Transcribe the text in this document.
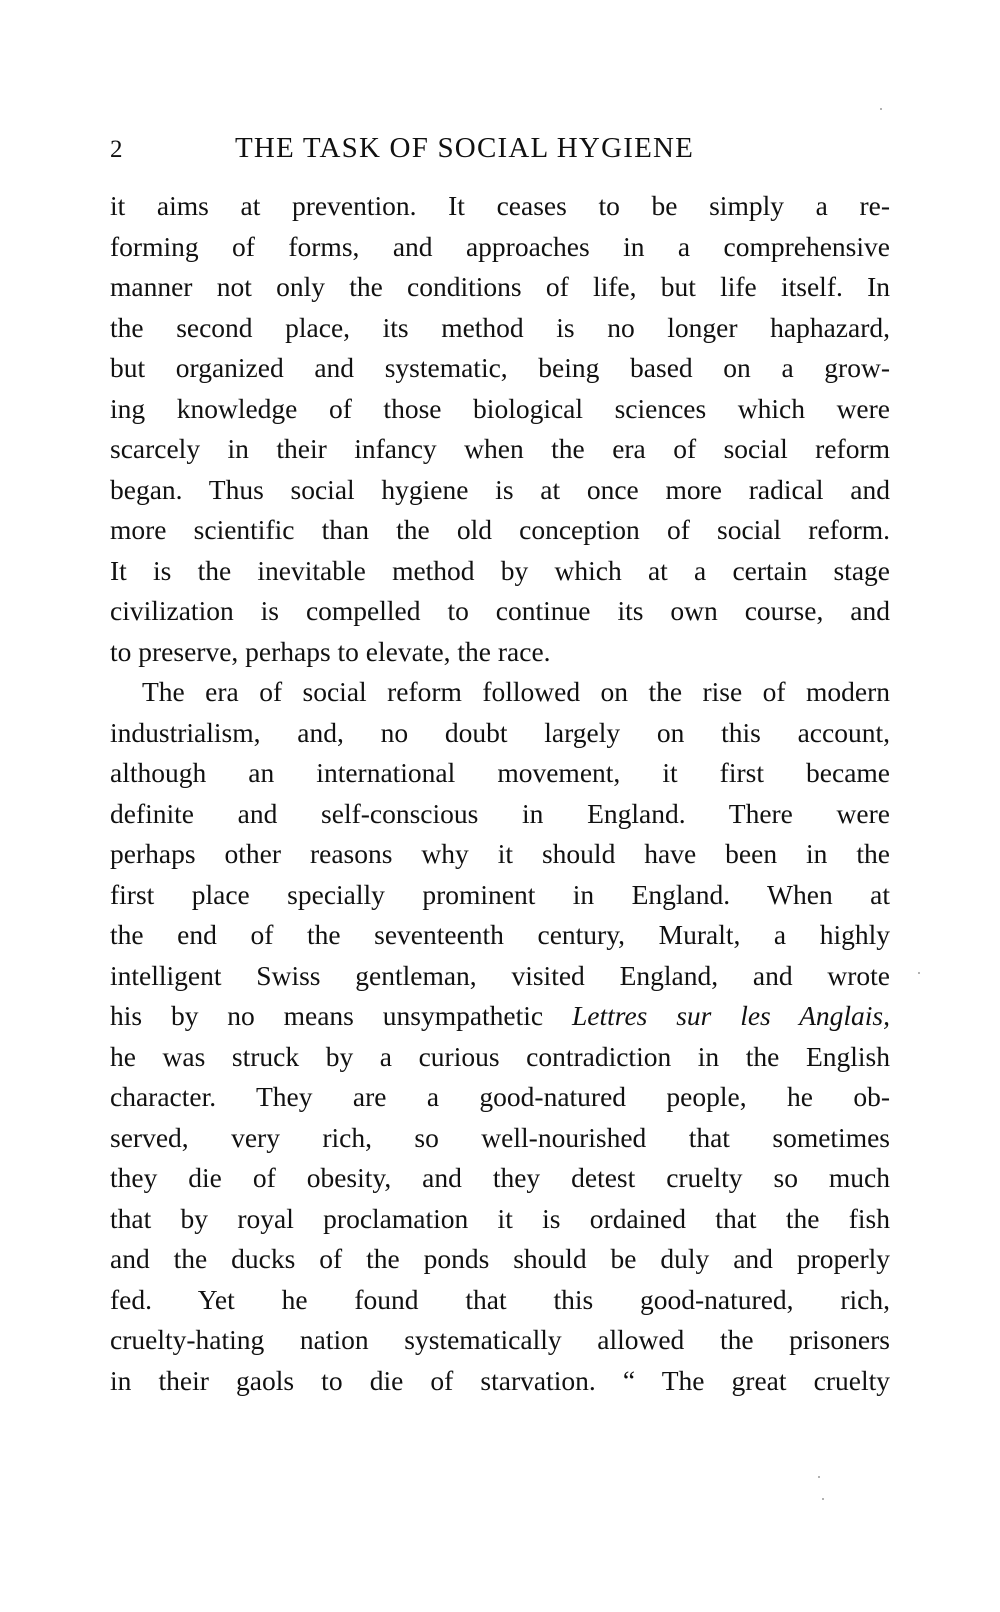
2	THE TASK OF SOCIAL HYGIENE
it aims at prevention. It ceases to be simply a re-
forming of forms, and approaches in a comprehensive
manner not only the conditions of life, but life itself. In
the second place, its method is no longer haphazard,
but organized and systematic, being based on a grow-
ing knowledge of those biological sciences which were
scarcely in their infancy when the era of social reform
began. Thus social hygiene is at once more radical and
more scientific than the old conception of social reform.
It is the inevitable method by which at a certain stage
civilization is compelled to continue its own course, and
to preserve, perhaps to elevate, the race.
The era of social reform followed on the rise of modern
industrialism, and, no doubt largely on this account,
although an international movement, it first became
definite and self-conscious in England. There were
perhaps other reasons why it should have been in the
first place specially prominent in England. When at
the end of the seventeenth century, Muralt, a highly
intelligent Swiss gentleman, visited England, and wrote
his by no means unsympathetic Lettres sur les Anglais,
he was struck by a curious contradiction in the English
character. They are a good-natured people, he ob-
served, very rich, so well-nourished that sometimes
they die of obesity, and they detest cruelty so much
that by royal proclamation it is ordained that the fish
and the ducks of the ponds should be duly and properly
fed. Yet he found that this good-natured, rich,
cruelty-hating nation systematically allowed the prisoners
in their gaols to die of starvation. “ The great cruelty
